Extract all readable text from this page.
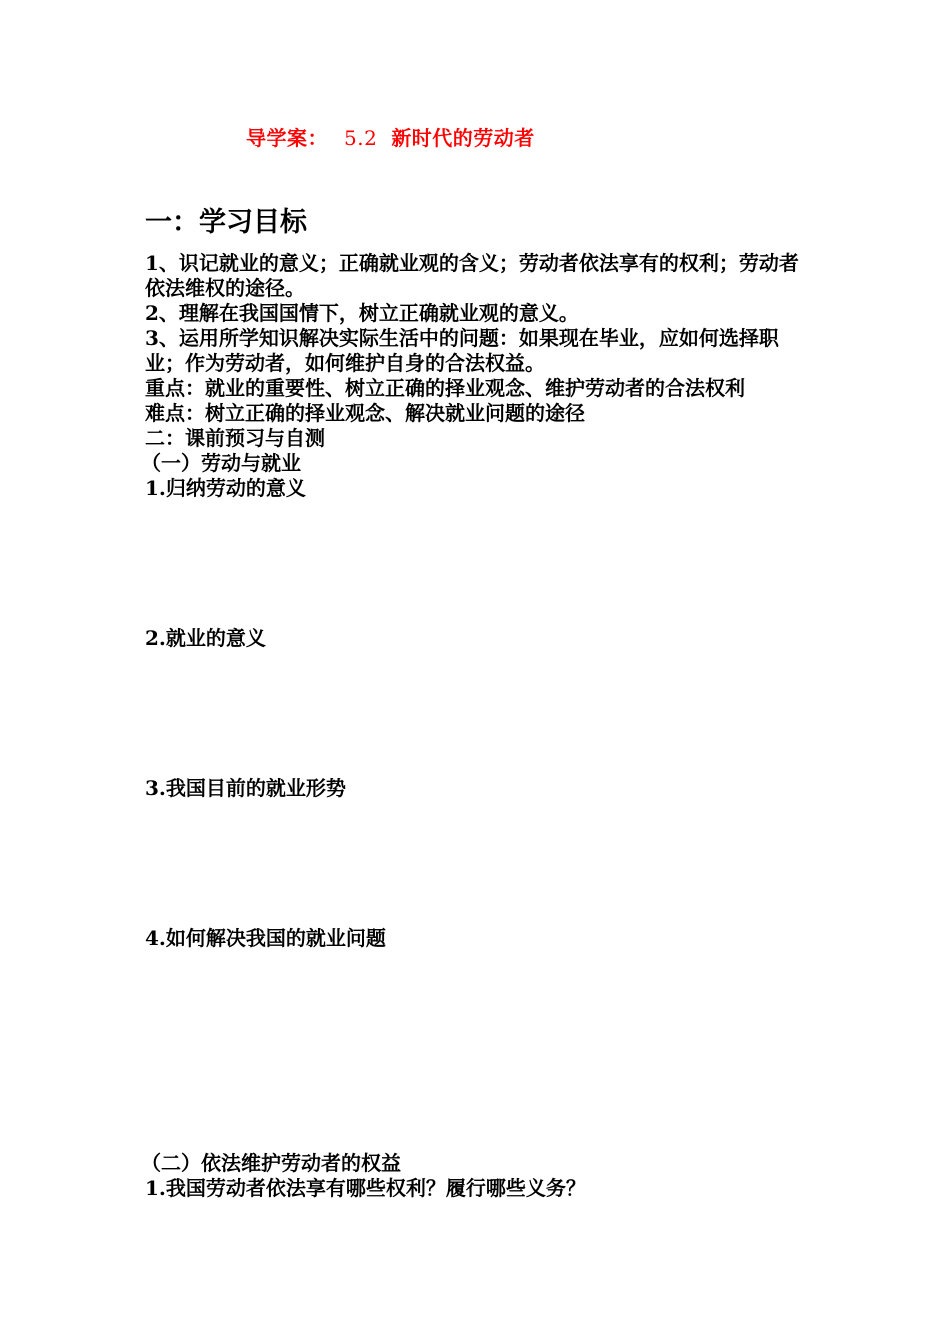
导学案： 5.2 新时代的劳动者
一：学习目标

1、识记就业的意义；正确就业观的含义；劳动者依法享有的权利；劳动者依法维权的途径。

2、理解在我国国情下，树立正确就业观的意义。

3、运用所学知识解决实际生活中的问题：如果现在毕业，应如何选择职业；作为劳动者，如何维护自身的合法权益。

重点：就业的重要性、树立正确的择业观念、维护劳动者的合法权利

难点：树立正确的择业观念、解决就业问题的途径

二：课前预习与自测

（一）劳动与就业

1.归纳劳动的意义

2.就业的意义

3.我国目前的就业形势

4.如何解决我国的就业问题

（二）依法维护劳动者的权益

1.我国劳动者依法享有哪些权利？履行哪些义务？
